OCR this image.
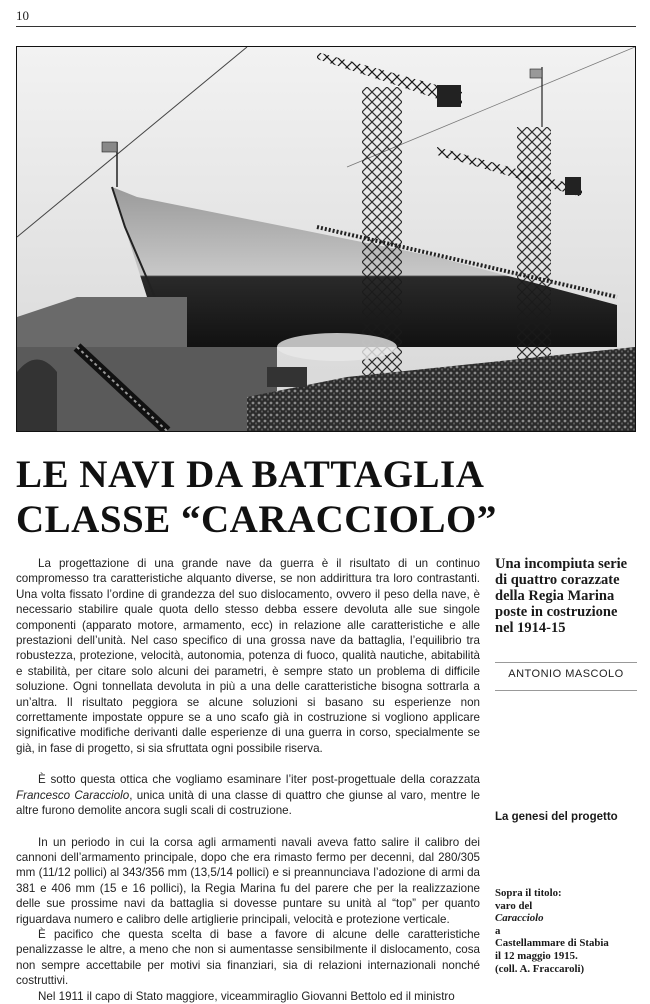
10
LE NAVI DA BATTAGLIA
CLASSE “CARACCIOLO”

La progettazione di una grande nave da guerra è il risultato di un continuo compromesso tra caratteristiche alquanto diverse, se non addirittura tra loro contrastanti. Una volta fissato l’ordine di grandezza del suo dislocamento, ovvero il peso della nave, è necessario stabilire quale quota dello stesso debba essere devoluta alle sue singole componenti (apparato motore, armamento, ecc) in relazione alle caratteristiche e alle prestazioni dell’unità. Nel caso specifico di una grossa nave da battaglia, l’equilibrio tra robustezza, protezione, velocità, autonomia, potenza di fuoco, qualità nautiche, abitabilità e stabilità, per citare solo alcuni dei parametri, è sempre stato un problema di difficile soluzione. Ogni tonnellata devoluta in più a una delle caratteristiche bisogna sottrarla a un’altra. Il risultato peggiora se alcune soluzioni si basano su esperienze non correttamente impostate oppure se a uno scafo già in costruzione si vogliono applicare significative modifiche derivanti dalle esperienze di una guerra in corso, specialmente se già, in fase di progetto, si sia sfruttata ogni possibile riserva.

È sotto questa ottica che vogliamo esaminare l’iter post-progettuale della corazzata Francesco Caracciolo, unica unità di una classe di quattro che giunse al varo, mentre le altre furono demolite ancora sugli scali di costruzione.

In un periodo in cui la corsa agli armamenti navali aveva fatto salire il calibro dei cannoni dell’armamento principale, dopo che era rimasto fermo per decenni, dal 280/305 mm (11/12 pollici) al 343/356 mm (13,5/14 pollici) e si preannunciava l’adozione di armi da 381 e 406 mm (15 e 16 pollici), la Regia Marina fu del parere che per la realizzazione delle sue prossime navi da battaglia si dovesse puntare su unità al “top” per quanto riguardava numero e calibro delle artiglierie principali, velocità e protezione verticale.

È pacifico che questa scelta di base a favore di alcune delle caratteristiche penalizzasse le altre, a meno che non si aumentasse sensibilmente il dislocamento, cosa non sempre accettabile per motivi sia finanziari, sia di relazioni internazionali nonché costruttivi.

Nel 1911 il capo di Stato maggiore, viceammiraglio Giovanni Bettolo ed il ministro

Una incompiuta serie di quattro corazzate della Regia Marina poste in costruzione nel 1914-15
ANTONIO MASCOLO
La genesi del progetto
Sopra il titolo:
varo del
Caracciolo
a
Castellammare di Stabia
il 12 maggio 1915.
(coll. A. Fraccaroli)
